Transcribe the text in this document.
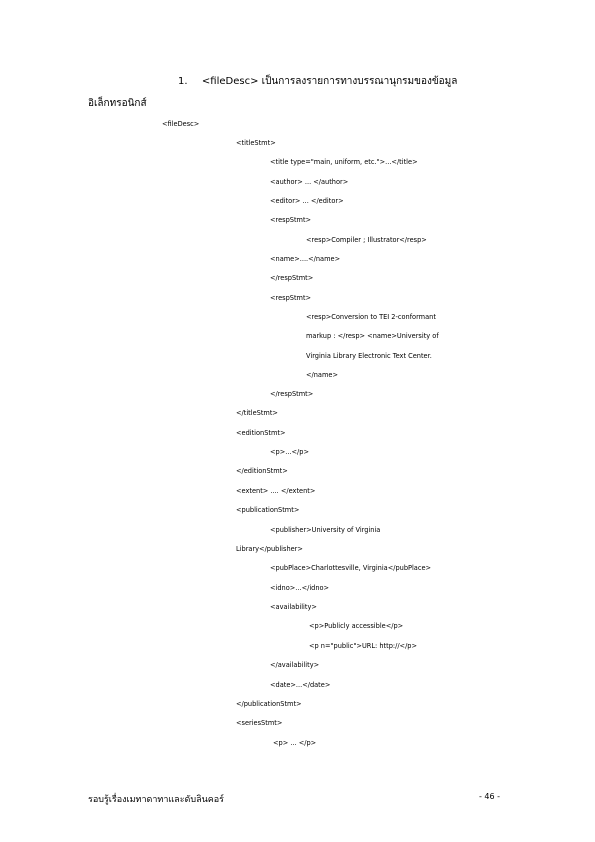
1. <fileDesc> เป็นการลงรายการทางบรรณานุกรมของข้อมูล
อิเล็กทรอนิกส์
<fileDesc>
<titleStmt>
<title type="main, uniform, etc.">...</title>
<author> ... </author>
<editor> ... </editor>
<respStmt>
<resp>Compiler ; Illustrator</resp>
<name>....</name>
</respStmt>
<respStmt>
<resp>Conversion to TEI 2-conformant
markup : </resp> <name>University of
Virginia Library Electronic Text Center.
</name>
</respStmt>
</titleStmt>
<editionStmt>
<p>...</p>
</editionStmt>
<extent> .... </extent>
<publicationStmt>
<publisher>University of Virginia
Library</publisher>
<pubPlace>Charlottesville, Virginia</pubPlace>
<idno>...</idno>
<availability>
<p>Publicly accessible</p>
<p n="public">URL: http://</p>
</availability>
<date>...</date>
</publicationStmt>
<seriesStmt>
<p> ... </p>
รอบรู้เรื่องเมทาดาทาและดับลินคอร์	- 46 -
